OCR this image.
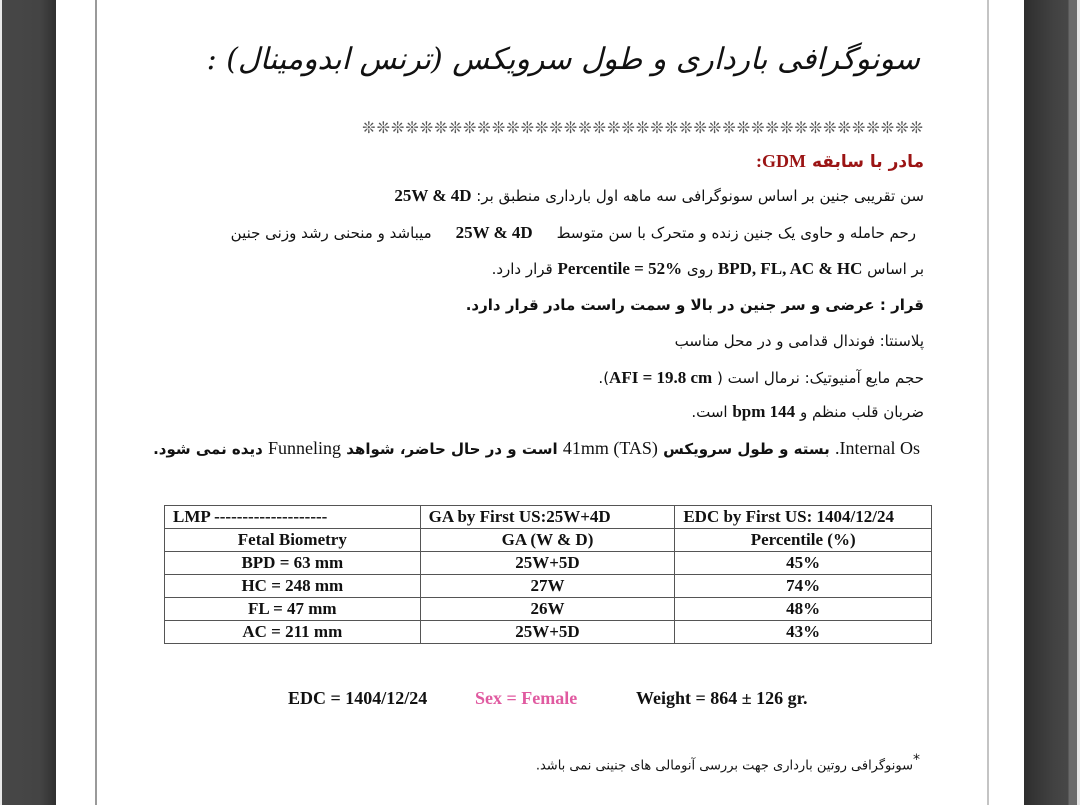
سونوگرافی بارداری و طول سرویکس (ترنس ابدومینال) :
❊❊❊❊❊❊❊❊❊❊❊❊❊❊❊❊❊❊❊❊❊❊❊❊❊❊❊❊❊❊❊❊❊❊❊❊❊❊❊
مادر با سابقه GDM:
سن تقریبی جنین بر اساس سونوگرافی سه ماهه اول بارداری منطبق بر: 25W & 4D
رحم حامله و حاوی یک جنین زنده و متحرک با سن متوسط     25W & 4D     میباشد و منحنی رشد وزنی جنین
بر اساس BPD, FL, AC & HC روی Percentile = 52% قرار دارد.
قرار : عرضی و سر جنین در بالا و سمت راست مادر قرار دارد.
پلاسنتا: فوندال قدامی و در محل مناسب
حجم مایع آمنیوتیک: نرمال است ( AFI = 19.8 cm).
ضربان قلب منظم و 144 bpm است.
Internal Os. بسته و طول سرویکس (TAS) 41mm است و در حال حاضر، شواهد Funneling دیده نمی شود.
LMP --------------------	GA by First US:25W+4D	EDC by First US: 1404/12/24
Fetal Biometry	GA (W & D)	Percentile (%)
BPD = 63 mm	25W+5D	45%
HC = 248 mm	27W	74%
FL = 47 mm	26W	48%
AC = 211 mm	25W+5D	43%
EDC = 1404/12/24	Sex = Female	Weight = 864 ± 126 gr.
*سونوگرافی روتین بارداری جهت بررسی آنومالی های جنینی نمی باشد.
